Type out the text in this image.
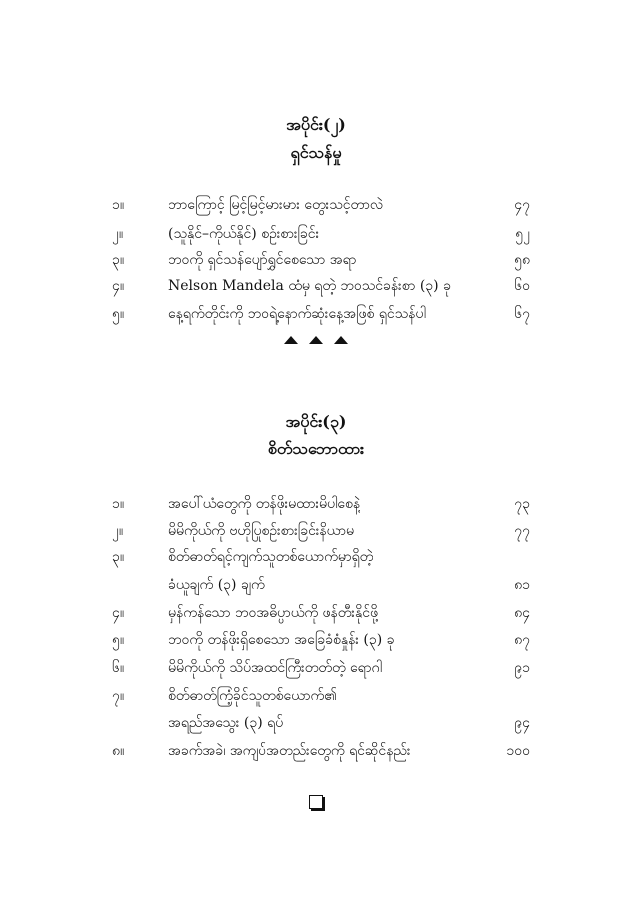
အပိုင်း(၂)
ရှင်သန်မှု
၁။	ဘာကြောင့် မြင့်မြင့်မားမား တွေးသင့်တာလဲ	၄၇
၂။	(သူနိုင်–ကိုယ်နိုင်) စဉ်းစားခြင်း	၅၂
၃။	ဘဝကို ရှင်သန်ပျော်ရွှင်စေသော အရာ	၅၈
၄။	Nelson Mandela ထံမှ ရတဲ့ ဘဝသင်ခန်းစာ (၃) ခု	၆၀
၅။	နေ့ရက်တိုင်းကို ဘဝရဲ့နောက်ဆုံးနေ့အဖြစ် ရှင်သန်ပါ	၆၇
အပိုင်း(၃)
စိတ်သဘောထား
၁။	အပေါ်ယံတွေကို တန်ဖိုးမထားမိပါစေနဲ့	၇၃
၂။	မိမိကိုယ်ကို ဗဟိုပြုစဉ်းစားခြင်းနိယာမ	၇၇
၃။	စိတ်ဓာတ်ရင့်ကျက်သူတစ်ယောက်မှာရှိတဲ့
ခံယူချက် (၃) ချက်	၈၁
၄။	မှန်ကန်သော ဘဝအဓိပ္ပာယ်ကို ဖန်တီးနိုင်ဖို့	၈၄
၅။	ဘဝကို တန်ဖိုးရှိစေသော အခြေခံစံနှုန်း (၃) ခု	၈၇
၆။	မိမိကိုယ်ကို သိပ်အထင်ကြီးတတ်တဲ့ ရောဂါ	၉၁
၇။	စိတ်ဓာတ်ကြံ့ခိုင်သူတစ်ယောက်၏
အရည်အသွေး (၃) ရပ်	၉၄
၈။	အခက်အခဲ၊ အကျပ်အတည်းတွေကို ရင်ဆိုင်နည်း	၁၀၀
